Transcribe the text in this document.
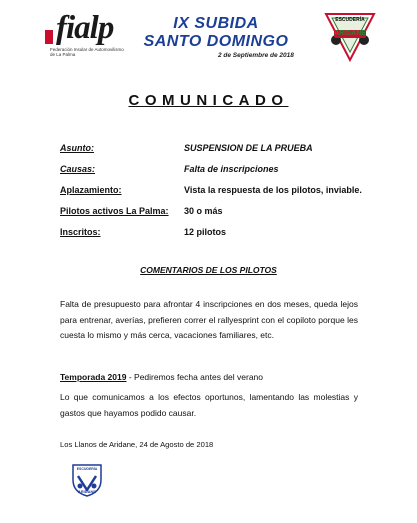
fialp
Federación Insular de Automovilismo de La Palma
IX SUBIDA
SANTO DOMINGO
2 de Septiembre de 2018
ESCUDERÍA
ARIDANE
COMUNICADO
Asunto:	SUSPENSION DE LA PRUEBA
Causas:	Falta de inscripciones
Aplazamiento:	Vista la respuesta de los pilotos, inviable.
Pilotos activos La Palma: 30 o más
Inscritos:	12 pilotos
COMENTARIOS DE LOS PILOTOS
Falta de presupuesto para afrontar 4 inscripciones en dos meses, queda lejos para entrenar, averías, prefieren correr el rallyesprint con el copiloto porque les cuesta lo mismo y más cerca, vacaciones familiares, etc.
Temporada 2019 - Pediremos fecha antes del verano
Lo que comunicamos a los efectos oportunos, lamentando las molestias y gastos que hayamos podido causar.
Los Llanos de Aridane, 24 de Agosto de 2018
ESCUDERÍA
ARIDANE
